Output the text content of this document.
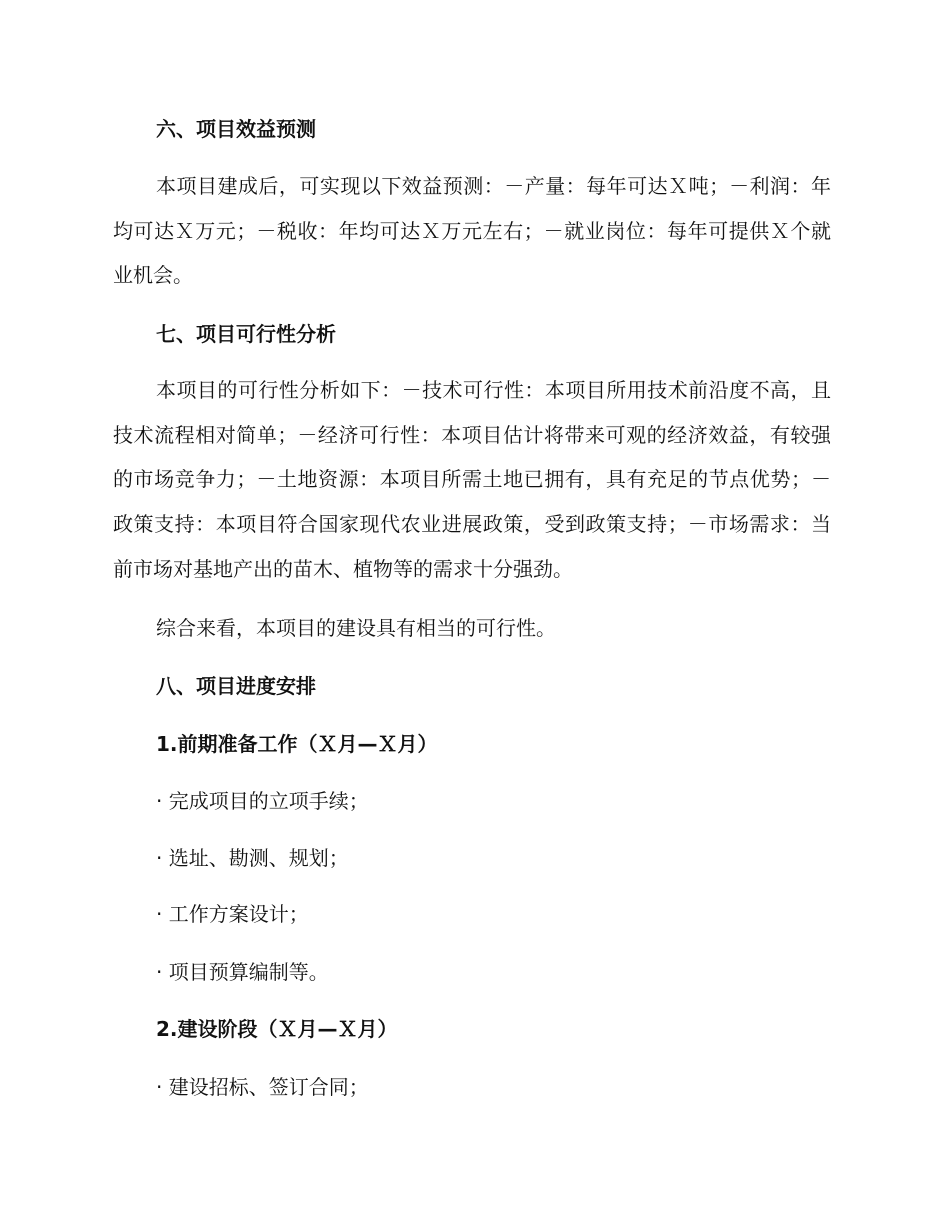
六、项目效益预测

本项目建成后，可实现以下效益预测：－产量：每年可达Ｘ吨；－利润：年均可达Ｘ万元；－税收：年均可达Ｘ万元左右；－就业岗位：每年可提供Ｘ个就业机会。

七、项目可行性分析

本项目的可行性分析如下：－技术可行性：本项目所用技术前沿度不高，且技术流程相对简单；－经济可行性：本项目估计将带来可观的经济效益，有较强的市场竞争力；－土地资源：本项目所需土地已拥有，具有充足的节点优势；－政策支持：本项目符合国家现代农业进展政策，受到政策支持；－市场需求：当前市场对基地产出的苗木、植物等的需求十分强劲。

综合来看，本项目的建设具有相当的可行性。
八、项目进度安排
1.前期准备工作（Ｘ月—Ｘ月）
· 完成项目的立项手续；
· 选址、勘测、规划；
· 工作方案设计；
· 项目预算编制等。
2.建设阶段（Ｘ月—Ｘ月）
· 建设招标、签订合同；
